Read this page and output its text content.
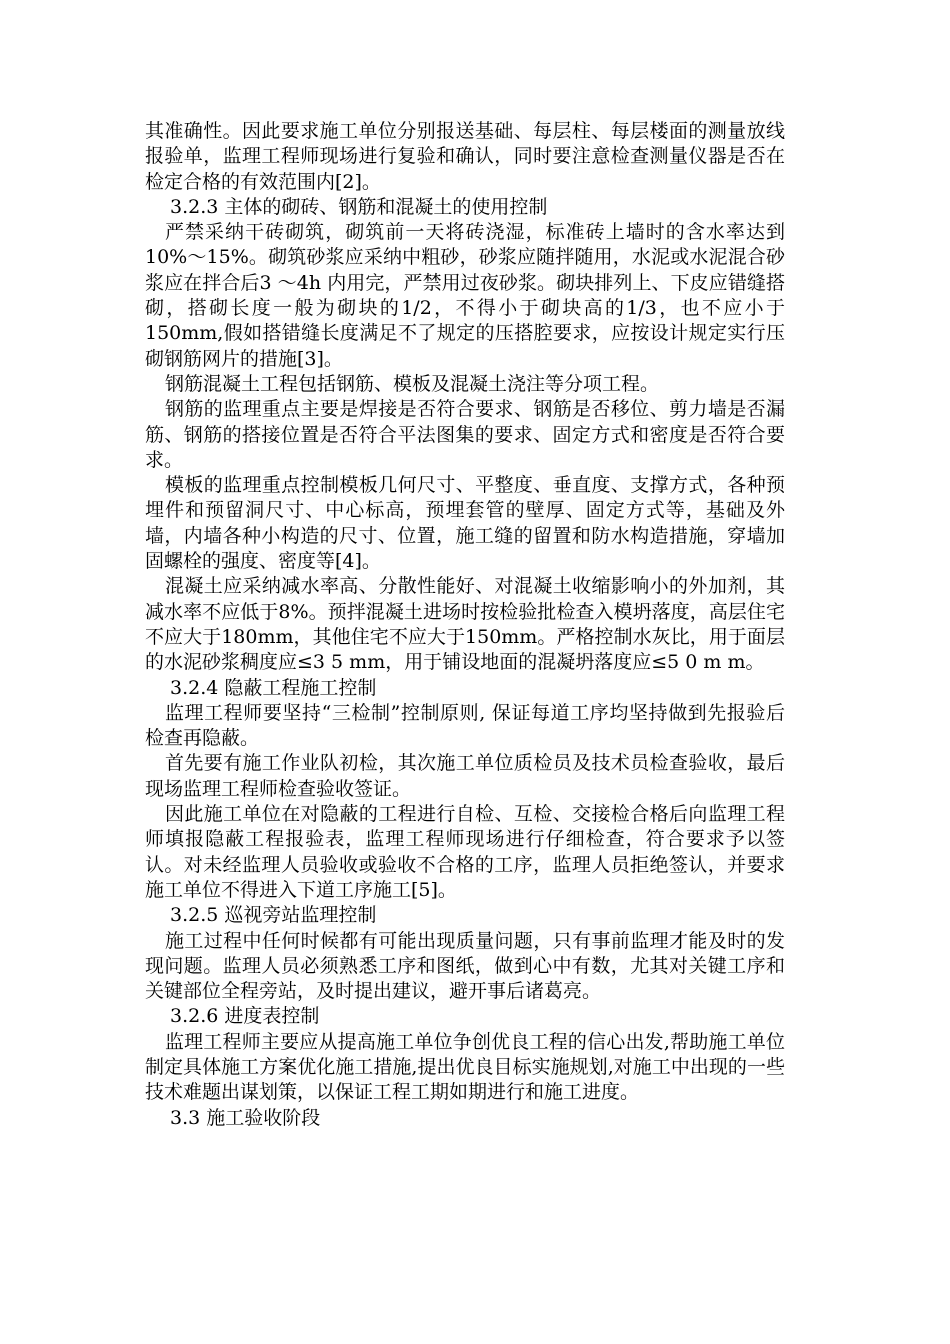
其准确性。因此要求施工单位分别报送基础、每层柱、每层楼面的测量放线报验单，监理工程师现场进行复验和确认，同时要注意检查测量仪器是否在检定合格的有效范围内[2]。

3.2.3 主体的砌砖、钢筋和混凝土的使用控制

严禁采纳干砖砌筑，砌筑前一天将砖浇湿，标准砖上墙时的含水率达到10%～15%。砌筑砂浆应采纳中粗砂，砂浆应随拌随用，水泥或水泥混合砂浆应在拌合后3 ～4h 内用完，严禁用过夜砂浆。砌块排列上、下皮应错缝搭砌，搭砌长度一般为砌块的1/2，不得小于砌块高的1/3，也不应小于150mm,假如搭错缝长度满足不了规定的压搭腔要求，应按设计规定实行压砌钢筋网片的措施[3]。

钢筋混凝土工程包括钢筋、模板及混凝土浇注等分项工程。

钢筋的监理重点主要是焊接是否符合要求、钢筋是否移位、剪力墙是否漏筋、钢筋的搭接位置是否符合平法图集的要求、固定方式和密度是否符合要求。

模板的监理重点控制模板几何尺寸、平整度、垂直度、支撑方式，各种预埋件和预留洞尺寸、中心标高，预埋套管的壁厚、固定方式等，基础及外墙，内墙各种小构造的尺寸、位置，施工缝的留置和防水构造措施，穿墙加固螺栓的强度、密度等[4]。

混凝土应采纳减水率高、分散性能好、对混凝土收缩影响小的外加剂，其减水率不应低于8%。预拌混凝土进场时按检验批检查入模坍落度，高层住宅不应大于180mm，其他住宅不应大于150mm。严格控制水灰比，用于面层的水泥砂浆稠度应≤3 5 mm，用于铺设地面的混凝坍落度应≤5 0 m m。

3.2.4 隐蔽工程施工控制

监理工程师要坚持“三检制”控制原则, 保证每道工序均坚持做到先报验后检查再隐蔽。

首先要有施工作业队初检，其次施工单位质检员及技术员检查验收，最后现场监理工程师检查验收签证。

因此施工单位在对隐蔽的工程进行自检、互检、交接检合格后向监理工程师填报隐蔽工程报验表，监理工程师现场进行仔细检查，符合要求予以签认。对未经监理人员验收或验收不合格的工序，监理人员拒绝签认，并要求施工单位不得进入下道工序施工[5]。

3.2.5 巡视旁站监理控制

施工过程中任何时候都有可能出现质量问题，只有事前监理才能及时的发现问题。监理人员必须熟悉工序和图纸，做到心中有数，尤其对关键工序和关键部位全程旁站，及时提出建议，避开事后诸葛亮。

3.2.6 进度表控制

监理工程师主要应从提高施工单位争创优良工程的信心出发,帮助施工单位制定具体施工方案优化施工措施,提出优良目标实施规划,对施工中出现的一些技术难题出谋划策，以保证工程工期如期进行和施工进度。

3.3 施工验收阶段
